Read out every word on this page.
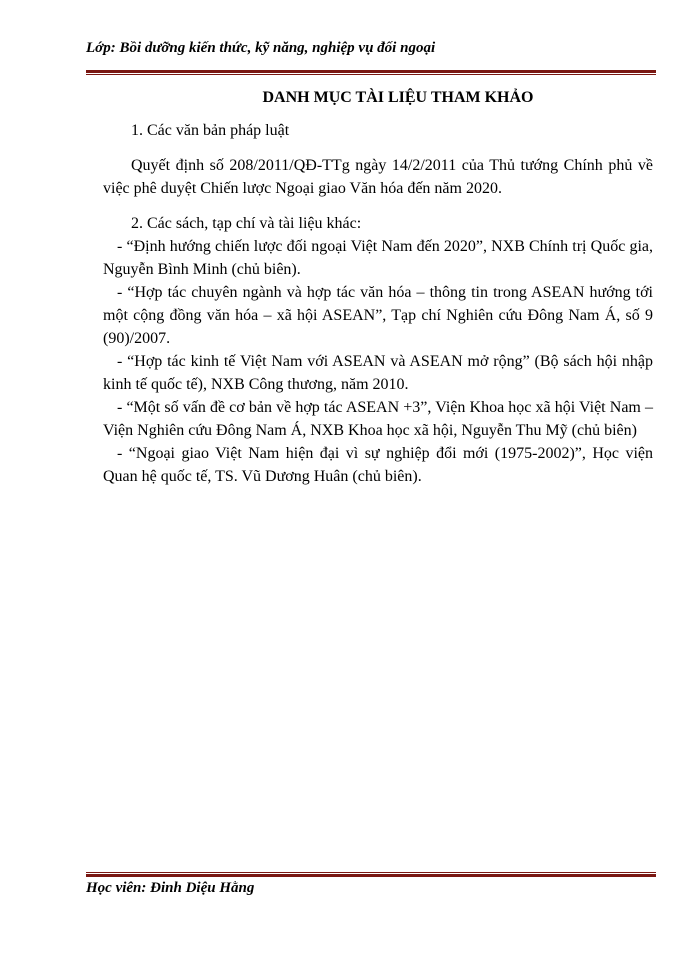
Lớp: Bồi dưỡng kiến thức, kỹ năng, nghiệp vụ đối ngoại

DANH MỤC TÀI LIỆU THAM KHẢO

1. Các văn bản pháp luật

Quyết định số 208/2011/QĐ-TTg ngày 14/2/2011 của Thủ tướng Chính phủ về việc phê duyệt Chiến lược Ngoại giao Văn hóa đến năm 2020.

2. Các sách, tạp chí và tài liệu khác:

- “Định hướng chiến lược đối ngoại Việt Nam đến 2020”, NXB Chính trị Quốc gia, Nguyễn Bình Minh (chủ biên).

- “Hợp tác chuyên ngành và hợp tác văn hóa – thông tin trong ASEAN hướng tới một cộng đồng văn hóa – xã hội ASEAN”, Tạp chí Nghiên cứu Đông Nam Á, số 9 (90)/2007.

- “Hợp tác kinh tế Việt Nam với ASEAN và ASEAN mở rộng” (Bộ sách hội nhập kinh tế quốc tế), NXB Công thương, năm 2010.

- “Một số vấn đề cơ bản về hợp tác ASEAN +3”, Viện Khoa học xã hội Việt Nam – Viện Nghiên cứu Đông Nam Á, NXB Khoa học xã hội, Nguyễn Thu Mỹ (chủ biên)

- “Ngoại giao Việt Nam hiện đại vì sự nghiệp đổi mới (1975-2002)”, Học viện Quan hệ quốc tế, TS. Vũ Dương Huân (chủ biên).

Học viên: Đinh Diệu Hằng
